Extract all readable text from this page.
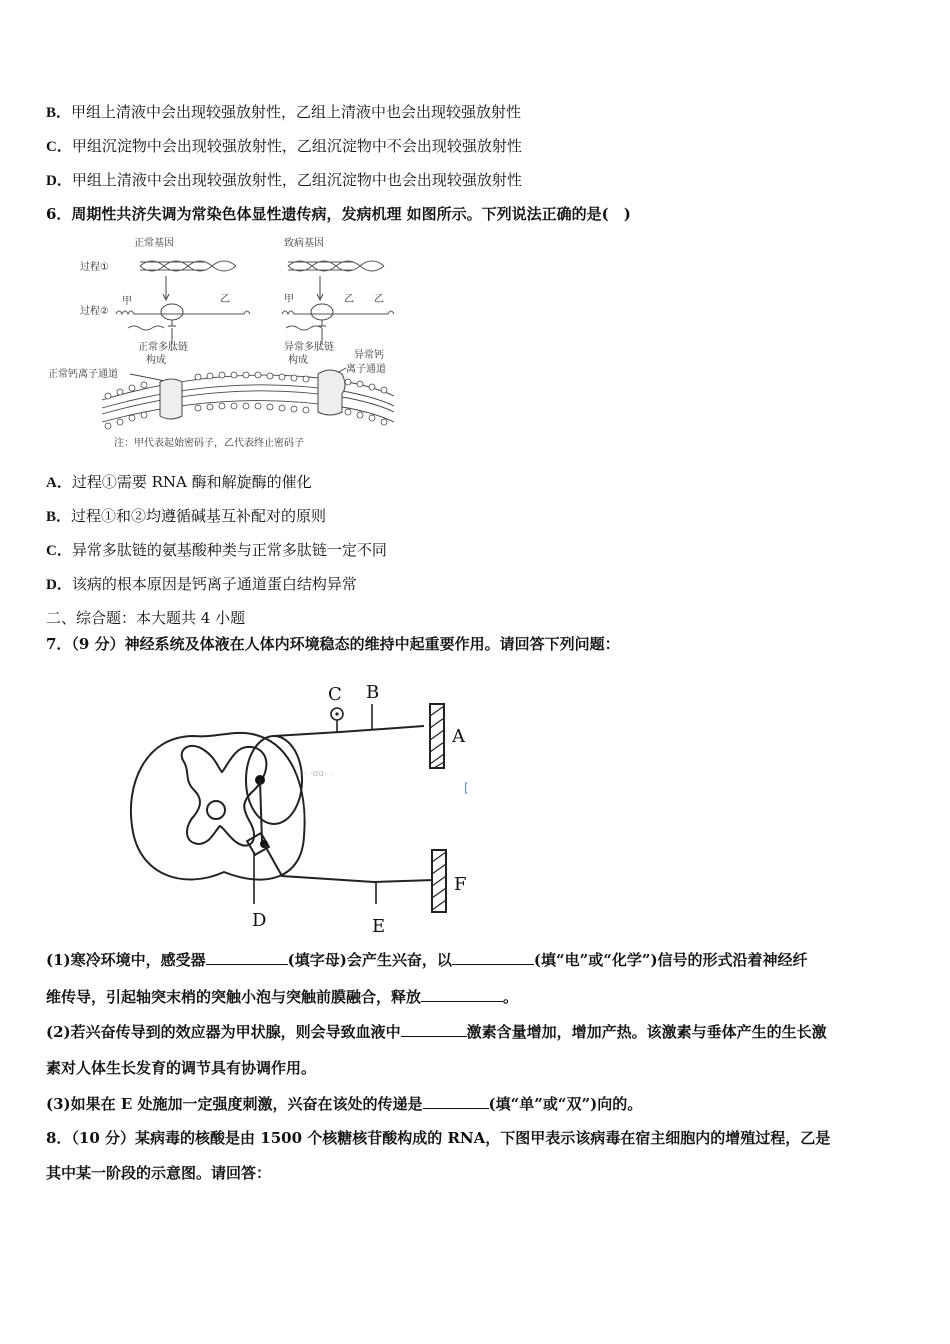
B．甲组上清液中会出现较强放射性，乙组上清液中也会出现较强放射性
C．甲组沉淀物中会出现较强放射性，乙组沉淀物中不会出现较强放射性
D．甲组上清液中会出现较强放射性，乙组沉淀物中也会出现较强放射性
6．周期性共济失调为常染色体显性遗传病，发病机理 如图所示。下列说法正确的是(　)
正常基因	致病基因
过程①
过程②
甲	乙
正常多肽链
构成
甲	乙 乙
异常多肽链
构成	异常钙
离子通道
正常钙离子通道
注：甲代表起始密码子，乙代表终止密码子
A．过程①需要 RNA 酶和解旋酶的催化
B．过程①和②均遵循碱基互补配对的原则
C．异常多肽链的氨基酸种类与正常多肽链一定不同
D．该病的根本原因是钙离子通道蛋白结构异常
二、综合题：本大题共 4 小题
7．（9 分）神经系统及体液在人体内环境稳态的维持中起重要作用。请回答下列问题：
· ·ɑɑ· ·
[
C B
A
F
D	E
(1)寒冷环境中，感受器	(填字母)会产生兴奋，以	(填“电”或“化学”)信号的形式沿着神经纤
维传导，引起轴突末梢的突触小泡与突触前膜融合，释放	。
(2)若兴奋传导到的效应器为甲状腺，则会导致血液中	激素含量增加，增加产热。该激素与垂体产生的生长激
素对人体生长发育的调节具有协调作用。
(3)如果在 E 处施加一定强度刺激，兴奋在该处的传递是	(填“单”或“双”)向的。
8．（10 分）某病毒的核酸是由 1500 个核糖核苷酸构成的 RNA，下图甲表示该病毒在宿主细胞内的增殖过程，乙是
其中某一阶段的示意图。请回答：
